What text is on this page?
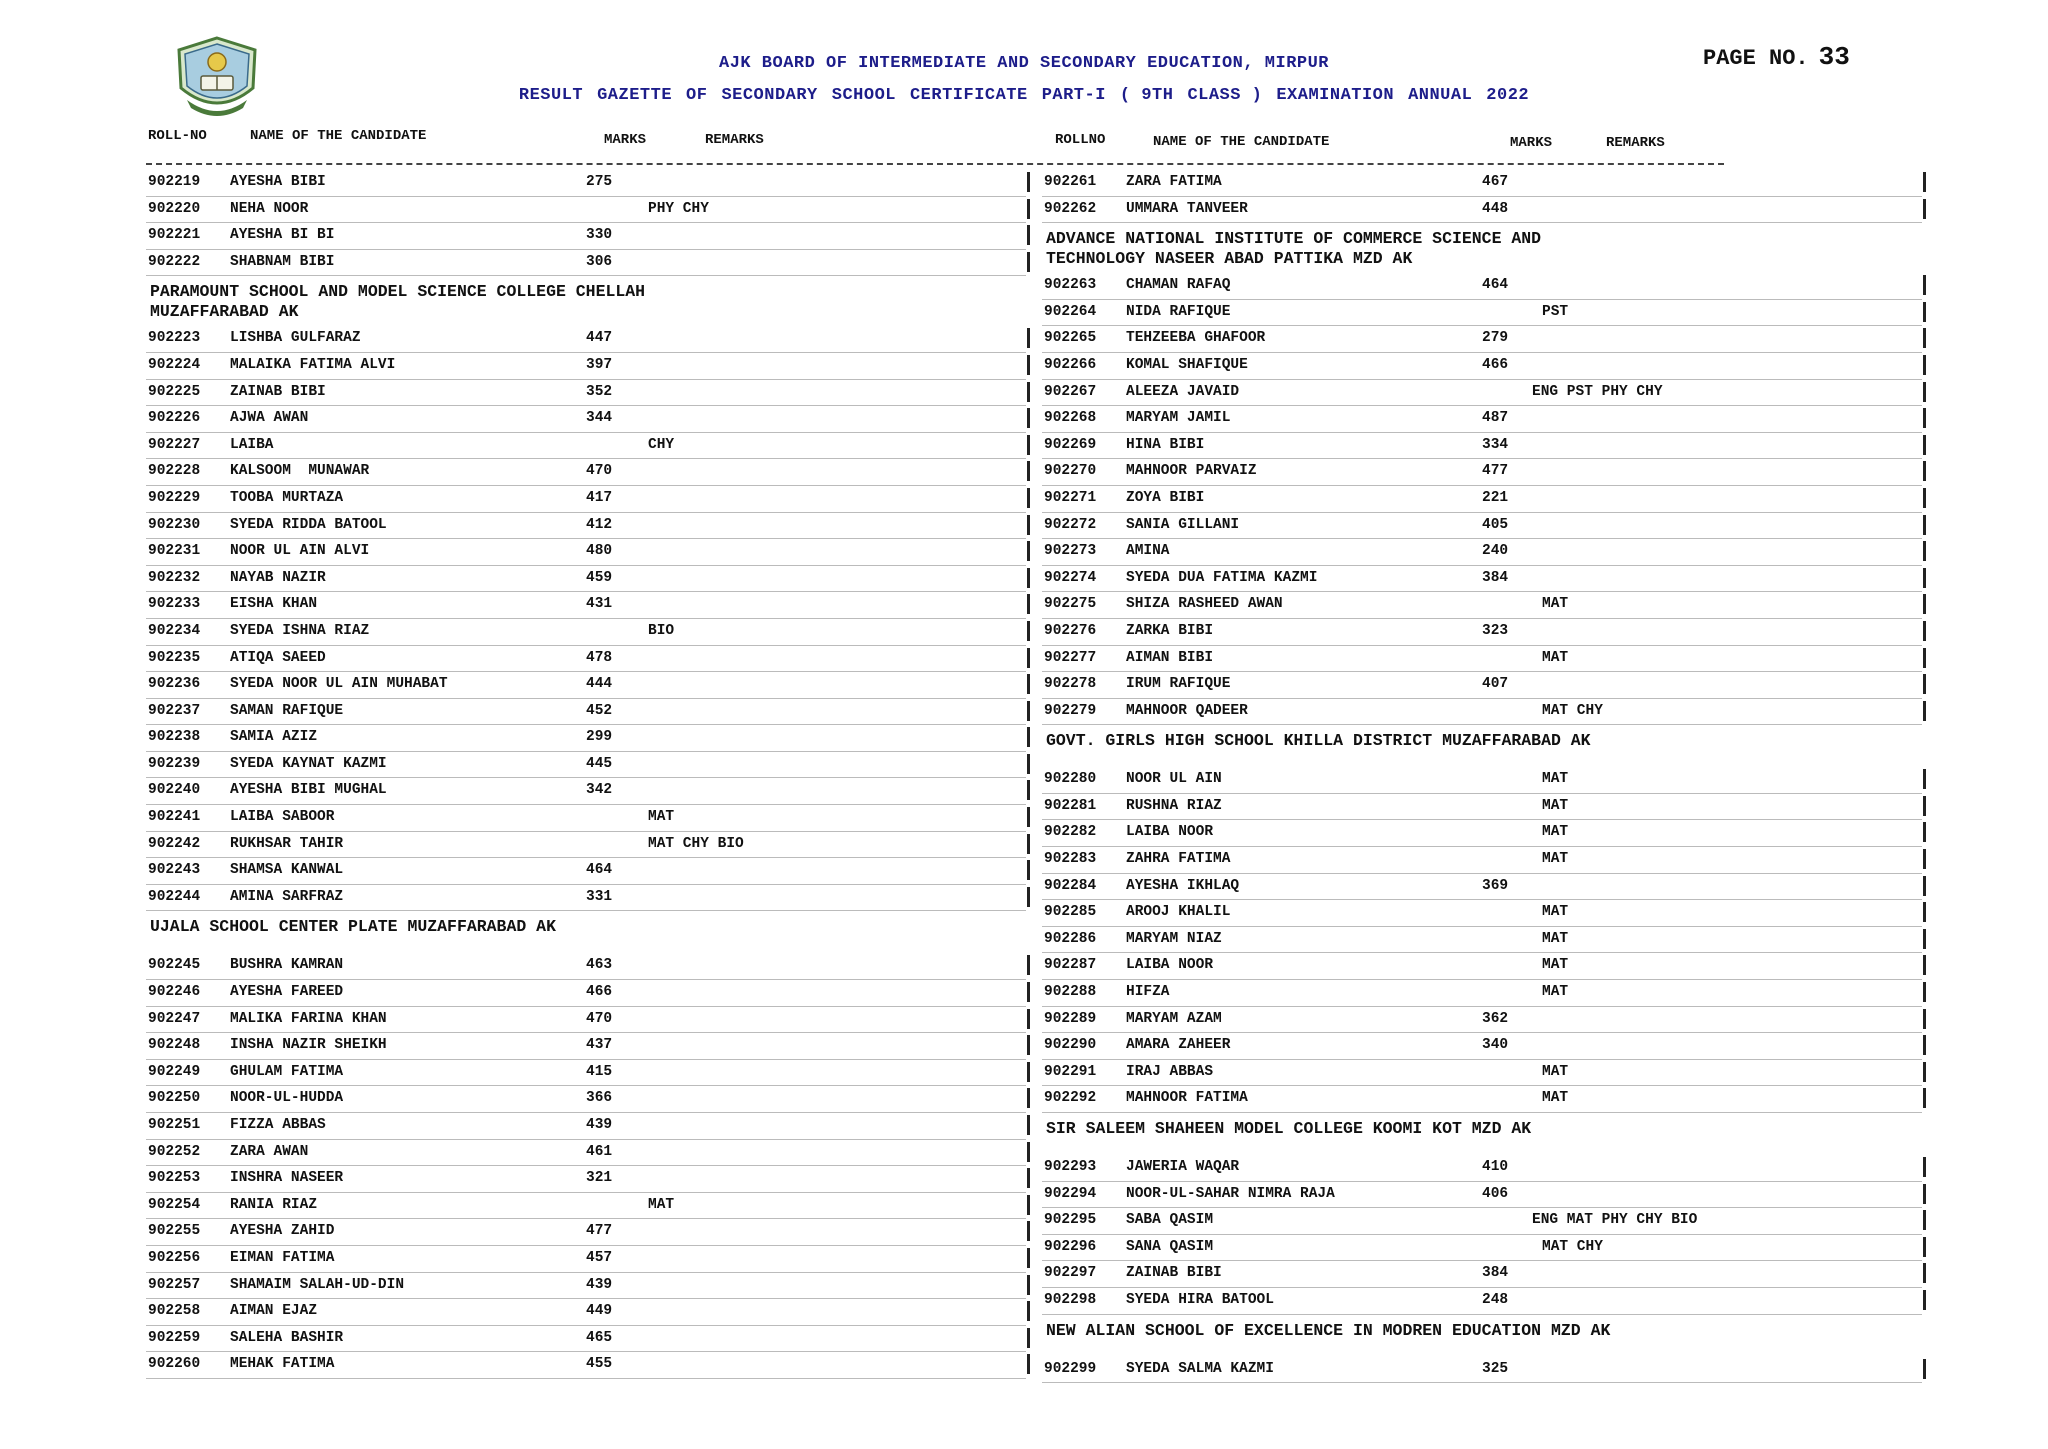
AJK BOARD OF INTERMEDIATE AND SECONDARY EDUCATION, MIRPUR
RESULT GAZETTE OF SECONDARY SCHOOL CERTIFICATE PART-I ( 9TH CLASS ) EXAMINATION ANNUAL 2022
PAGE NO. 33
ROLL-NO	NAME OF THE CANDIDATE	MARKS	REMARKS	ROLLNO	NAME OF THE CANDIDATE	MARKS	REMARKS
902219 AYESHA BIBI	275
902220 NEHA NOOR	PHY CHY
902221 AYESHA BI BI	330
902222 SHABNAM BIBI	306
PARAMOUNT SCHOOL AND MODEL SCIENCE COLLEGE CHELLAH
MUZAFFARABAD AK
902223 LISHBA GULFARAZ	447
902224 MALAIKA FATIMA ALVI	397
902225 ZAINAB BIBI	352
902226 AJWA AWAN	344
902227 LAIBA	CHY
902228 KALSOOM  MUNAWAR	470
902229 TOOBA MURTAZA	417
902230 SYEDA RIDDA BATOOL	412
902231 NOOR UL AIN ALVI	480
902232 NAYAB NAZIR	459
902233 EISHA KHAN	431
902234 SYEDA ISHNA RIAZ	BIO
902235 ATIQA SAEED	478
902236 SYEDA NOOR UL AIN MUHABAT	444
902237 SAMAN RAFIQUE	452
902238 SAMIA AZIZ	299
902239 SYEDA KAYNAT KAZMI	445
902240 AYESHA BIBI MUGHAL	342
902241 LAIBA SABOOR	MAT
902242 RUKHSAR TAHIR	MAT CHY BIO
902243 SHAMSA KANWAL	464
902244 AMINA SARFRAZ	331
UJALA SCHOOL CENTER PLATE MUZAFFARABAD AK
902245 BUSHRA KAMRAN	463
902246 AYESHA FAREED	466
902247 MALIKA FARINA KHAN	470
902248 INSHA NAZIR SHEIKH	437
902249 GHULAM FATIMA	415
902250 NOOR-UL-HUDDA	366
902251 FIZZA ABBAS	439
902252 ZARA AWAN	461
902253 INSHRA NASEER	321
902254 RANIA RIAZ	MAT
902255 AYESHA ZAHID	477
902256 EIMAN FATIMA	457
902257 SHAMAIM SALAH-UD-DIN	439
902258 AIMAN EJAZ	449
902259 SALEHA BASHIR	465
902260 MEHAK FATIMA	455
902261 ZARA FATIMA	467
902262 UMMARA TANVEER	448
ADVANCE NATIONAL INSTITUTE OF COMMERCE SCIENCE AND
TECHNOLOGY NASEER ABAD PATTIKA MZD AK
902263 CHAMAN RAFAQ	464
902264 NIDA RAFIQUE	PST
902265 TEHZEEBA GHAFOOR	279
902266 KOMAL SHAFIQUE	466
902267 ALEEZA JAVAID	ENG PST PHY CHY
902268 MARYAM JAMIL	487
902269 HINA BIBI	334
902270 MAHNOOR PARVAIZ	477
902271 ZOYA BIBI	221
902272 SANIA GILLANI	405
902273 AMINA	240
902274 SYEDA DUA FATIMA KAZMI	384
902275 SHIZA RASHEED AWAN	MAT
902276 ZARKA BIBI	323
902277 AIMAN BIBI	MAT
902278 IRUM RAFIQUE	407
902279 MAHNOOR QADEER	MAT CHY
GOVT. GIRLS HIGH SCHOOL KHILLA DISTRICT MUZAFFARABAD AK
902280 NOOR UL AIN	MAT
902281 RUSHNA RIAZ	MAT
902282 LAIBA NOOR	MAT
902283 ZAHRA FATIMA	MAT
902284 AYESHA IKHLAQ	369
902285 AROOJ KHALIL	MAT
902286 MARYAM NIAZ	MAT
902287 LAIBA NOOR	MAT
902288 HIFZA	MAT
902289 MARYAM AZAM	362
902290 AMARA ZAHEER	340
902291 IRAJ ABBAS	MAT
902292 MAHNOOR FATIMA	MAT
SIR SALEEM SHAHEEN MODEL COLLEGE KOOMI KOT MZD AK
902293 JAWERIA WAQAR	410
902294 NOOR-UL-SAHAR NIMRA RAJA	406
902295 SABA QASIM	ENG MAT PHY CHY BIO
902296 SANA QASIM	MAT CHY
902297 ZAINAB BIBI	384
902298 SYEDA HIRA BATOOL	248
NEW ALIAN SCHOOL OF EXCELLENCE IN MODREN EDUCATION MZD AK
902299 SYEDA SALMA KAZMI	325
